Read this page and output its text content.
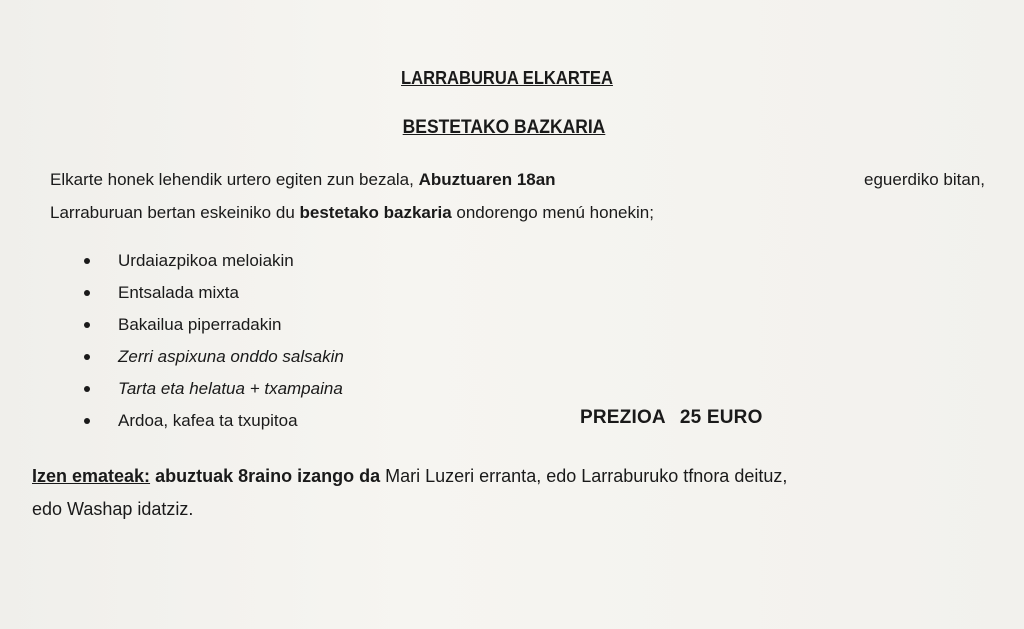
LARRABURUA ELKARTEA
BESTETAKO BAZKARIA
Elkarte honek lehendik urtero egiten zun bezala, Abuztuaren 18an	eguerdiko bitan,
Larraburuan bertan eskeiniko du bestetako bazkaria ondorengo menú honekin;
Urdaiazpikoa meloiakin
Entsalada mixta
Bakailua piperradakin
Zerri aspixuna onddo salsakin
Tarta eta helatua + txampaina
Ardoa, kafea ta txupitoa	PREZIOA 25 EURO
Izen emateak: abuztuak 8raino izango da Mari Luzeri erranta, edo Larraburuko tfnora deituz,
edo Washap idatziz.
